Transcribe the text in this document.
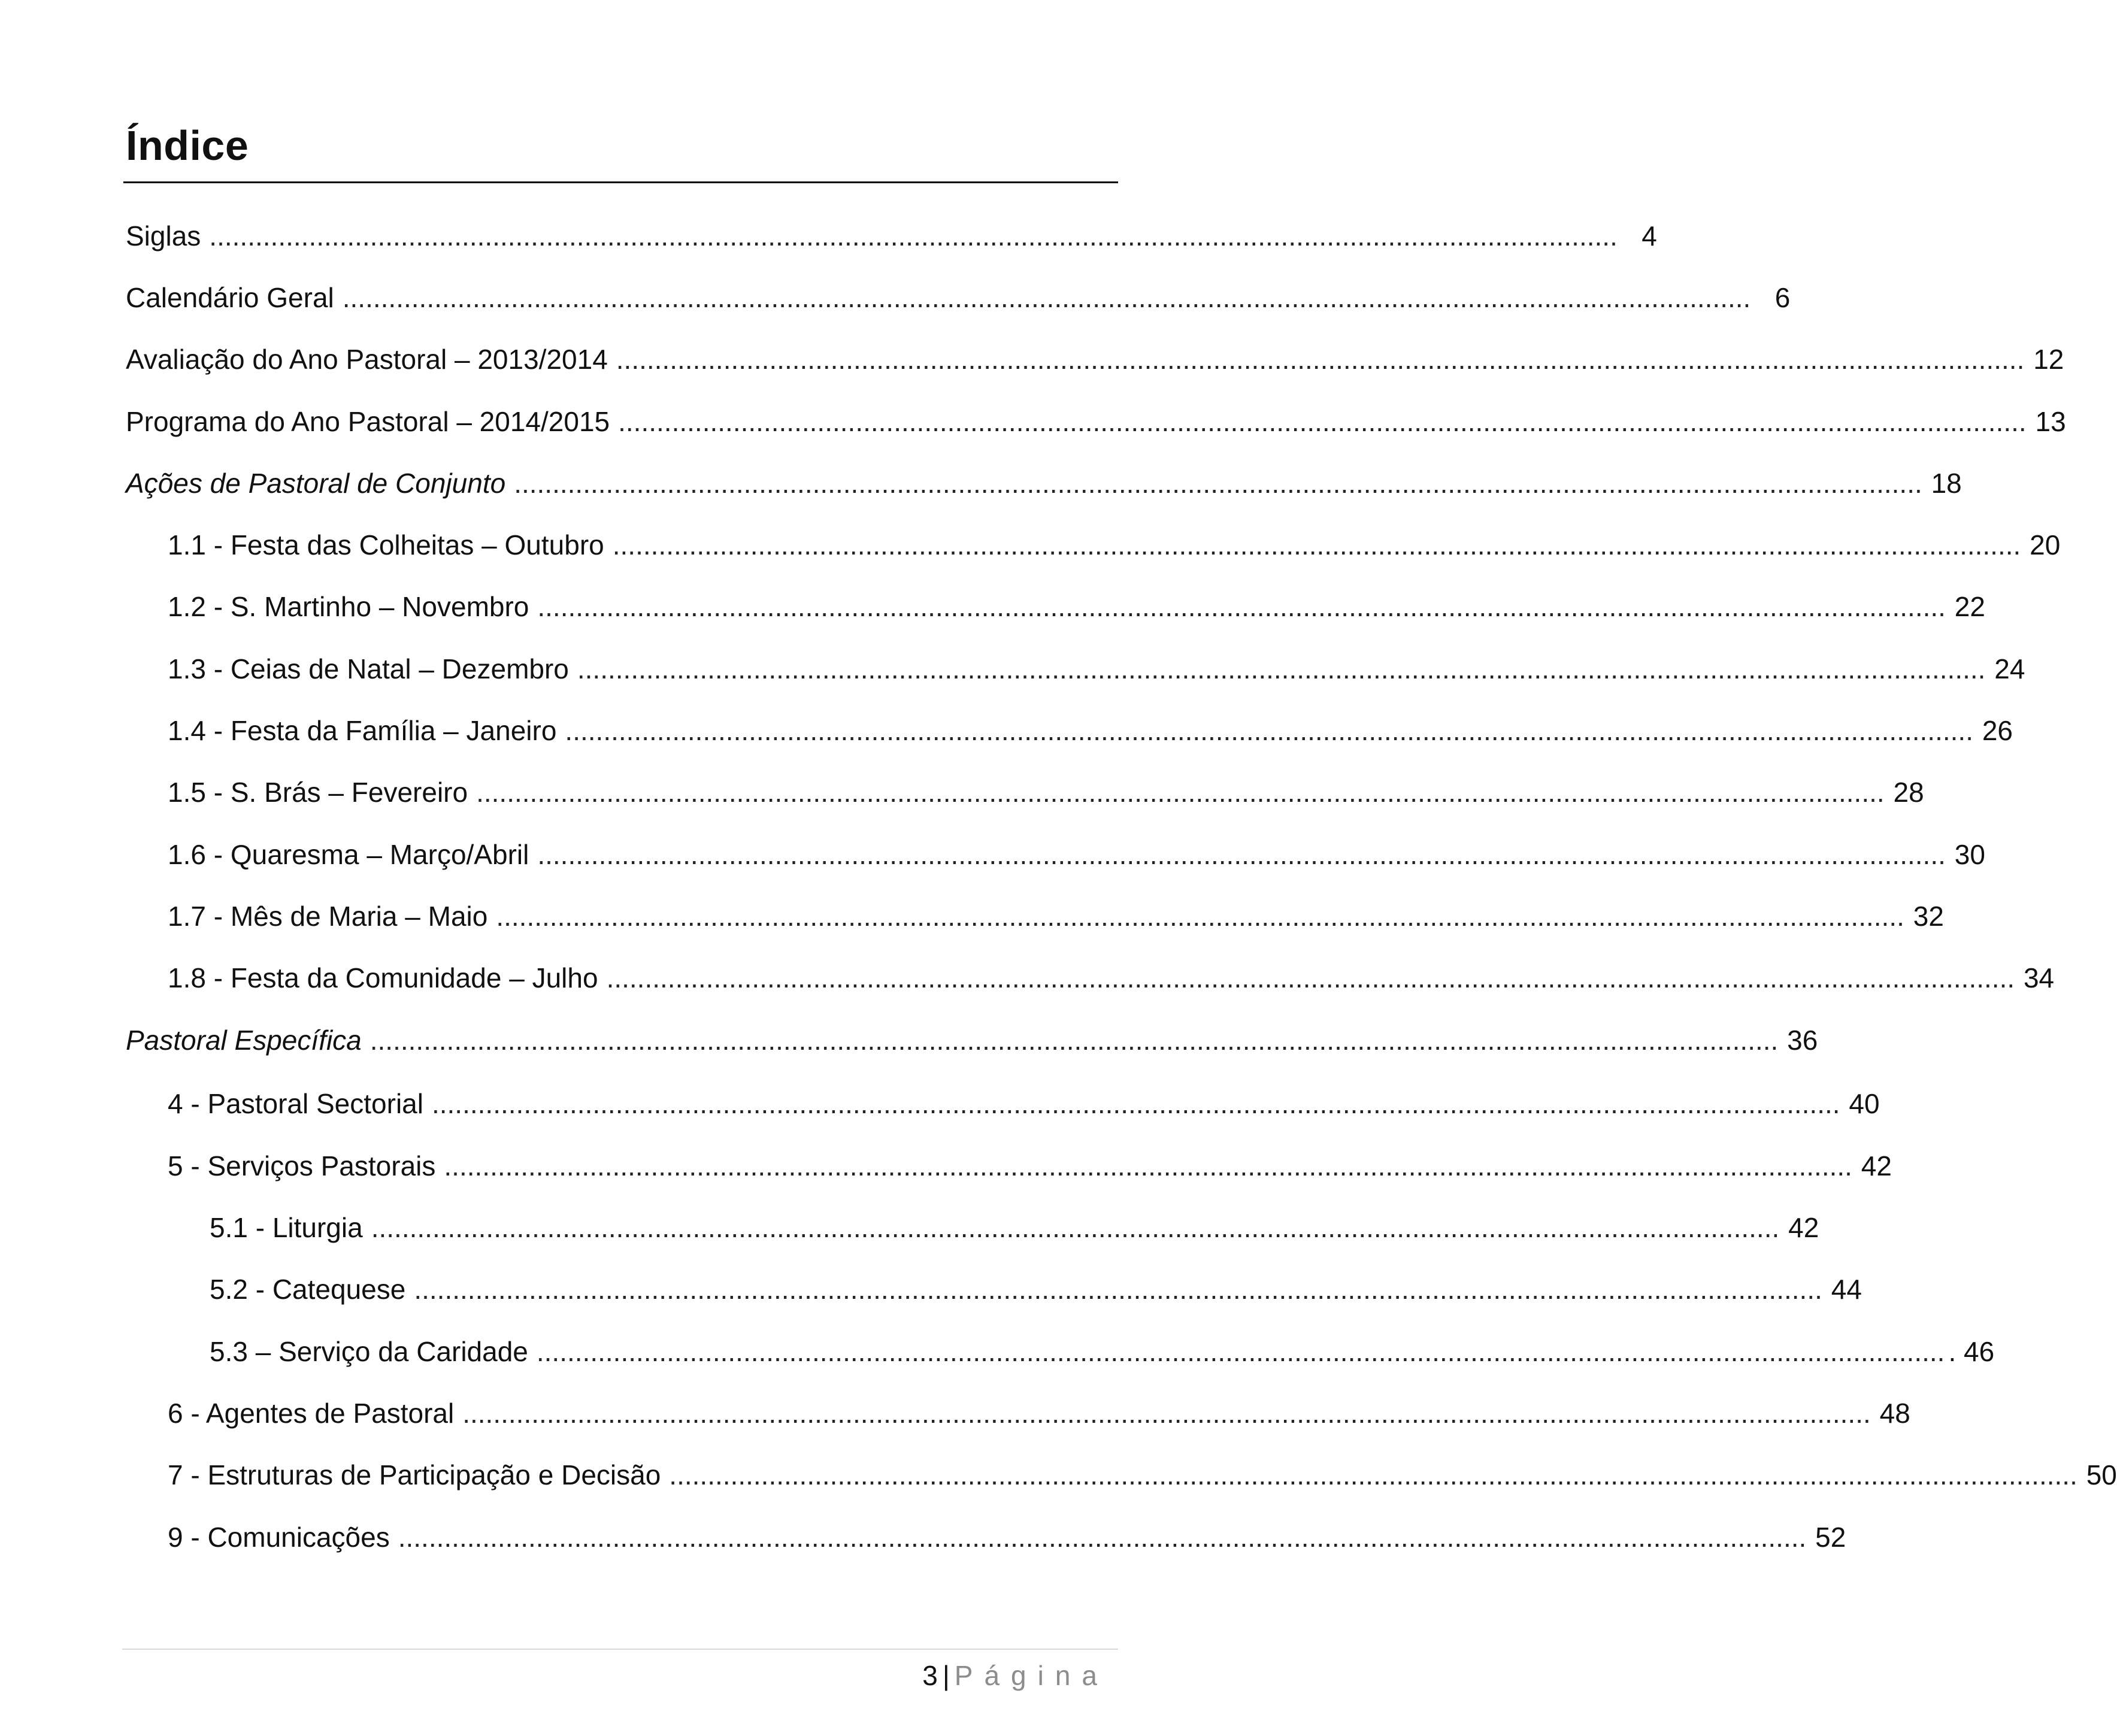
Índice
Siglas ........................................................................................................................................................................................ 4
Calendário Geral ........................................................................................................................................................................................ 6
Avaliação do Ano Pastoral – 2013/2014 ........................................................................................................................................................................................ 12
Programa do Ano Pastoral – 2014/2015 ........................................................................................................................................................................................ 13
Ações de Pastoral de Conjunto ........................................................................................................................................................................................ 18
1.1 - Festa das Colheitas – Outubro ........................................................................................................................................................................................ 20
1.2 - S. Martinho – Novembro ........................................................................................................................................................................................ 22
1.3 - Ceias de Natal – Dezembro ........................................................................................................................................................................................ 24
1.4 - Festa da Família – Janeiro ........................................................................................................................................................................................ 26
1.5 - S. Brás – Fevereiro ........................................................................................................................................................................................ 28
1.6 - Quaresma – Março/Abril ........................................................................................................................................................................................ 30
1.7 - Mês de Maria – Maio ........................................................................................................................................................................................ 32
1.8 - Festa da Comunidade – Julho ........................................................................................................................................................................................ 34
Pastoral Específica ........................................................................................................................................................................................ 36
4 - Pastoral Sectorial ........................................................................................................................................................................................ 40
5 - Serviços Pastorais ........................................................................................................................................................................................ 42
5.1 - Liturgia ........................................................................................................................................................................................ 42
5.2 - Catequese ........................................................................................................................................................................................ 44
5.3 – Serviço da Caridade ........................................................................................................................................................................................ . 46
6 - Agentes de Pastoral ........................................................................................................................................................................................ 48
7 - Estruturas de Participação e Decisão ........................................................................................................................................................................................ 50
9 - Comunicações ........................................................................................................................................................................................ 52
3 | Página
